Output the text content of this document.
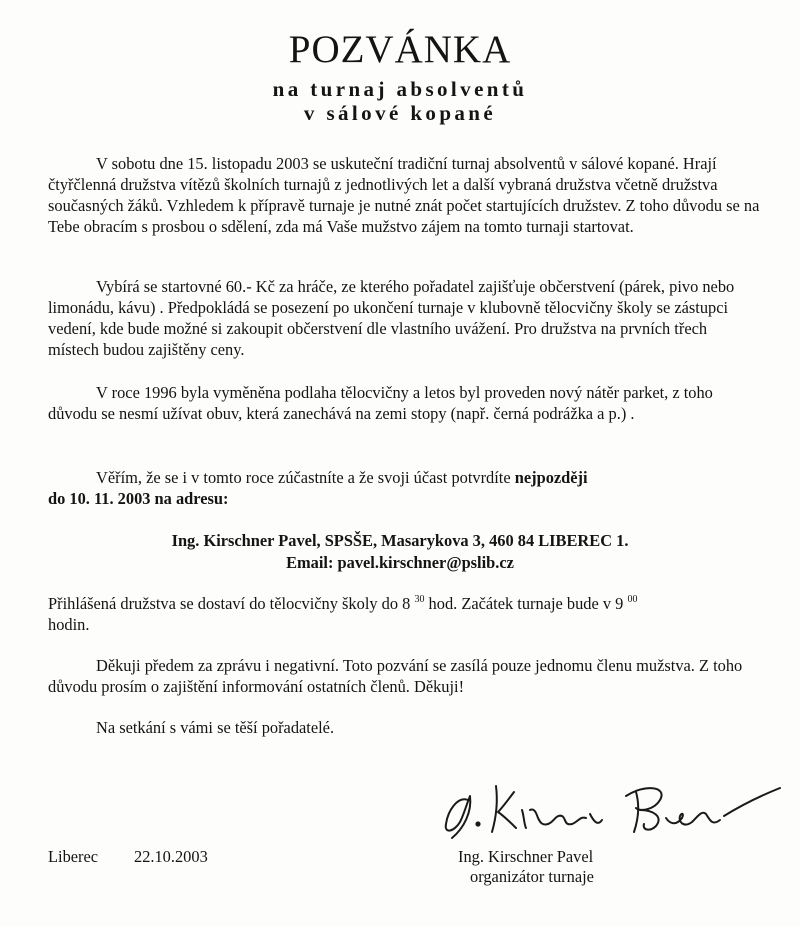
POZVÁNKA
na turnaj absolventů
v sálové kopané

V sobotu dne 15. listopadu 2003 se uskuteční tradiční turnaj absolventů v sálové kopané. Hrají čtyřčlenná družstva vítězů školních turnajů z jednotlivých let a další vybraná družstva včetně družstva současných žáků. Vzhledem k přípravě turnaje je nutné znát počet startujících družstev. Z toho důvodu se na Tebe obracím s prosbou o sdělení, zda má Vaše mužstvo zájem na tomto turnaji startovat.

Vybírá se startovné 60.- Kč za hráče, ze kterého pořadatel zajišťuje občerstvení (párek, pivo nebo limonádu, kávu) . Předpokládá se posezení po ukončení turnaje v klubovně tělocvičny školy se zástupci vedení, kde bude možné si zakoupit občerstvení dle vlastního uvážení. Pro družstva na prvních třech místech budou zajištěny ceny.

V roce 1996 byla vyměněna podlaha tělocvičny a letos byl proveden nový nátěr parket, z toho důvodu se nesmí užívat obuv, která zanechává na zemi stopy (např. černá podrážka a p.) .

Věřím, že se i v tomto roce zúčastníte a že svoji účast potvrdíte nejpozději
do 10. 11. 2003 na adresu:

Ing. Kirschner Pavel, SPSŠE, Masarykova 3, 460 84 LIBEREC 1.
Email: pavel.kirschner@pslib.cz

Přihlášená družstva se dostaví do tělocvičny školy do 8 $^{30}$ hod. Začátek turnaje bude v 9 $^{00}$
hodin.

Děkuji předem za zprávu i negativní. Toto pozvání se zasílá pouze jednomu členu mužstva. Z toho důvodu prosím o zajištění informování ostatních členů. Děkuji!

Na setkání s vámi se těší pořadatelé.

Liberec 22.10.2003	Ing. Kirschner Pavel
organizátor turnaje
